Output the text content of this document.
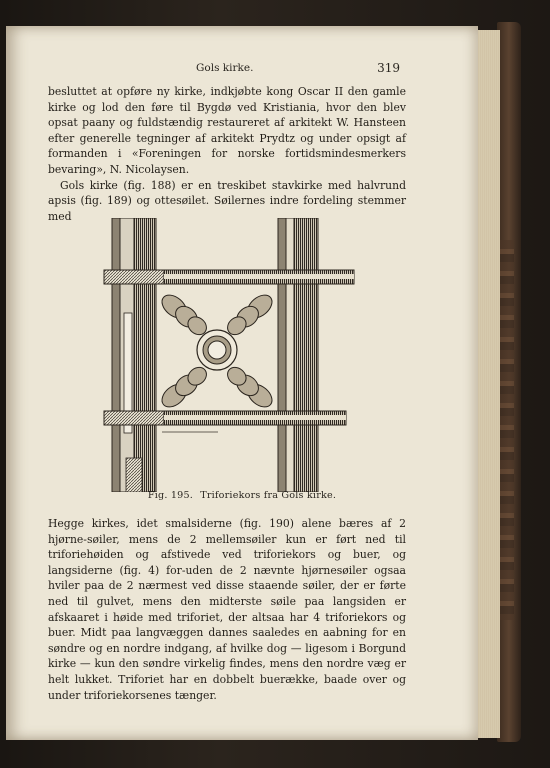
Gols kirke.	319

besluttet at opføre ny kirke, indkjøbte kong Oscar II den gamle kirke og lod den føre til Bygdø ved Kristiania, hvor den blev opsat paany og fuldstændig restaureret af arkitekt W. Hansteen efter generelle tegninger af arkitekt Prydtz og under opsigt af formanden i «Foreningen for norske fortidsmindesmerkers bevaring», N. Nicolaysen.

Gols kirke (fig. 188) er en treskibet stavkirke med halvrund apsis (fig. 189) og ottesøilet. Søilernes indre fordeling stemmer med

Fig. 195. Triforiekors fra Gols kirke.

Hegge kirkes, idet smalsiderne (fig. 190) alene bæres af 2 hjørne-søiler, mens de 2 mellemsøiler kun er ført ned til triforiehøiden og afstivede ved triforiekors og buer, og langsiderne (fig. 4) for-uden de 2 nævnte hjørnesøiler ogsaa hviler paa de 2 nærmest ved disse staaende søiler, der er førte ned til gulvet, mens den midterste søile paa langsiden er afskaaret i høide med triforiet, der altsaa har 4 triforiekors og buer. Midt paa langvæggen dannes saaledes en aabning for en søndre og en nordre indgang, af hvilke dog — ligesom i Borgund kirke — kun den søndre virkelig findes, mens den nordre væg er helt lukket. Triforiet har en dobbelt buerække, baade over og under triforiekorsenes tænger.
